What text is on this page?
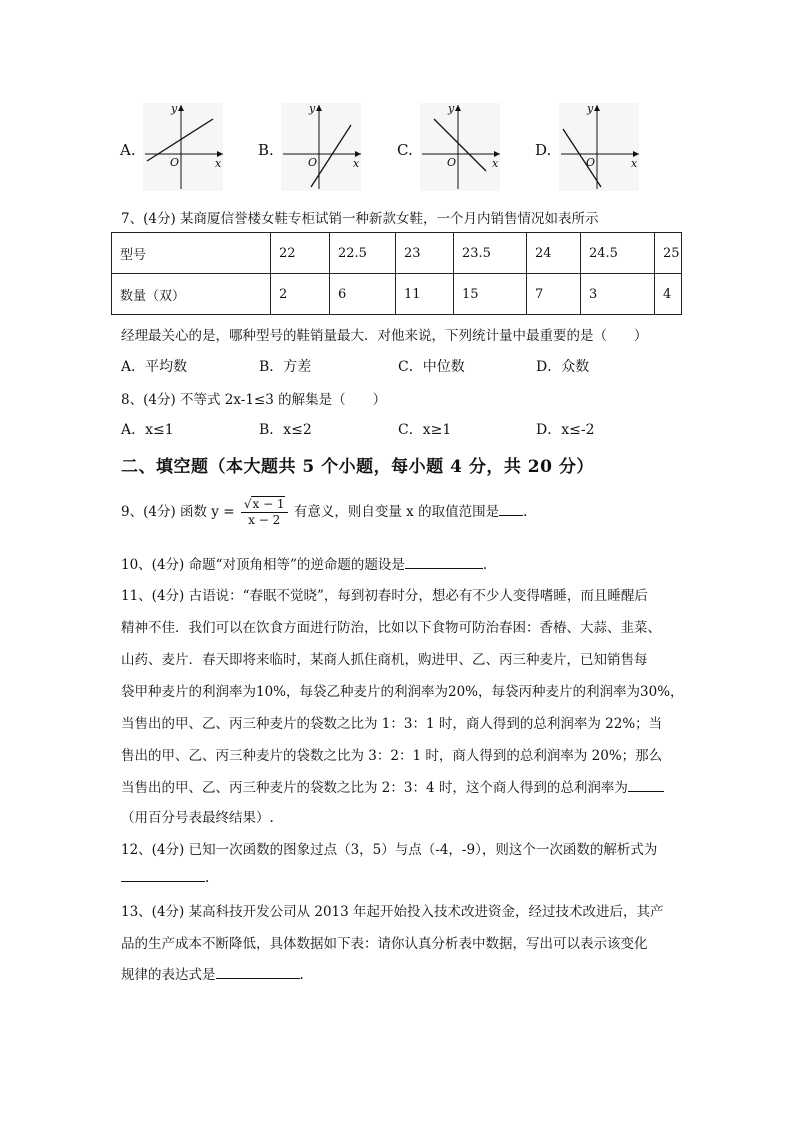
A.
y
x
O
B.
y
x
O
C.
y
x
O
D.
y
x
O
7、(4分) 某商厦信誉楼女鞋专柜试销一种新款女鞋，一个月内销售情况如表所示
型号	22	22.5	23	23.5	24	24.5	25
数量（双）	2	6	11	15	7	3	4
经理最关心的是，哪种型号的鞋销量最大．对他来说，下列统计量中最重要的是（　　）
A．平均数	B．方差	C．中位数	D．众数
8、(4分) 不等式 2x-1≤3 的解集是（　　）
A．x≤1	B．x≤2	C．x≥1	D．x≤-2
二、填空题（本大题共 5 个小题，每小题 4 分，共 20 分）
9、(4分) 函数 $y = \frac{√x - 1}{x - 2}$ 有意义，则自变量 x 的取值范围是 .
10、(4分) 命题“对顶角相等”的逆命题的题设是	.
11、(4分) 古语说：“春眠不觉晓”，每到初春时分，想必有不少人变得嗜睡，而且睡醒后
精神不佳．我们可以在饮食方面进行防治，比如以下食物可防治春困：香椿、大蒜、韭菜、
山药、麦片．春天即将来临时，某商人抓住商机，购进甲、乙、丙三种麦片，已知销售每
袋甲种麦片的利润率为10%，每袋乙种麦片的利润率为20%，每袋丙种麦片的利润率为30%，
当售出的甲、乙、丙三种麦片的袋数之比为 1：3：1 时，商人得到的总利润率为 22%；当
售出的甲、乙、丙三种麦片的袋数之比为 3：2：1 时，商人得到的总利润率为 20%；那么
当售出的甲、乙、丙三种麦片的袋数之比为 2：3：4 时，这个商人得到的总利润率为
（用百分号表最终结果）.
12、(4分) 已知一次函数的图象过点（3，5）与点（-4，-9），则这个一次函数的解析式为
.
13、(4分) 某高科技开发公司从 2013 年起开始投入技术改进资金，经过技术改进后，其产
品的生产成本不断降低，具体数据如下表：请你认真分析表中数据，写出可以表示该变化
规律的表达式是	.
